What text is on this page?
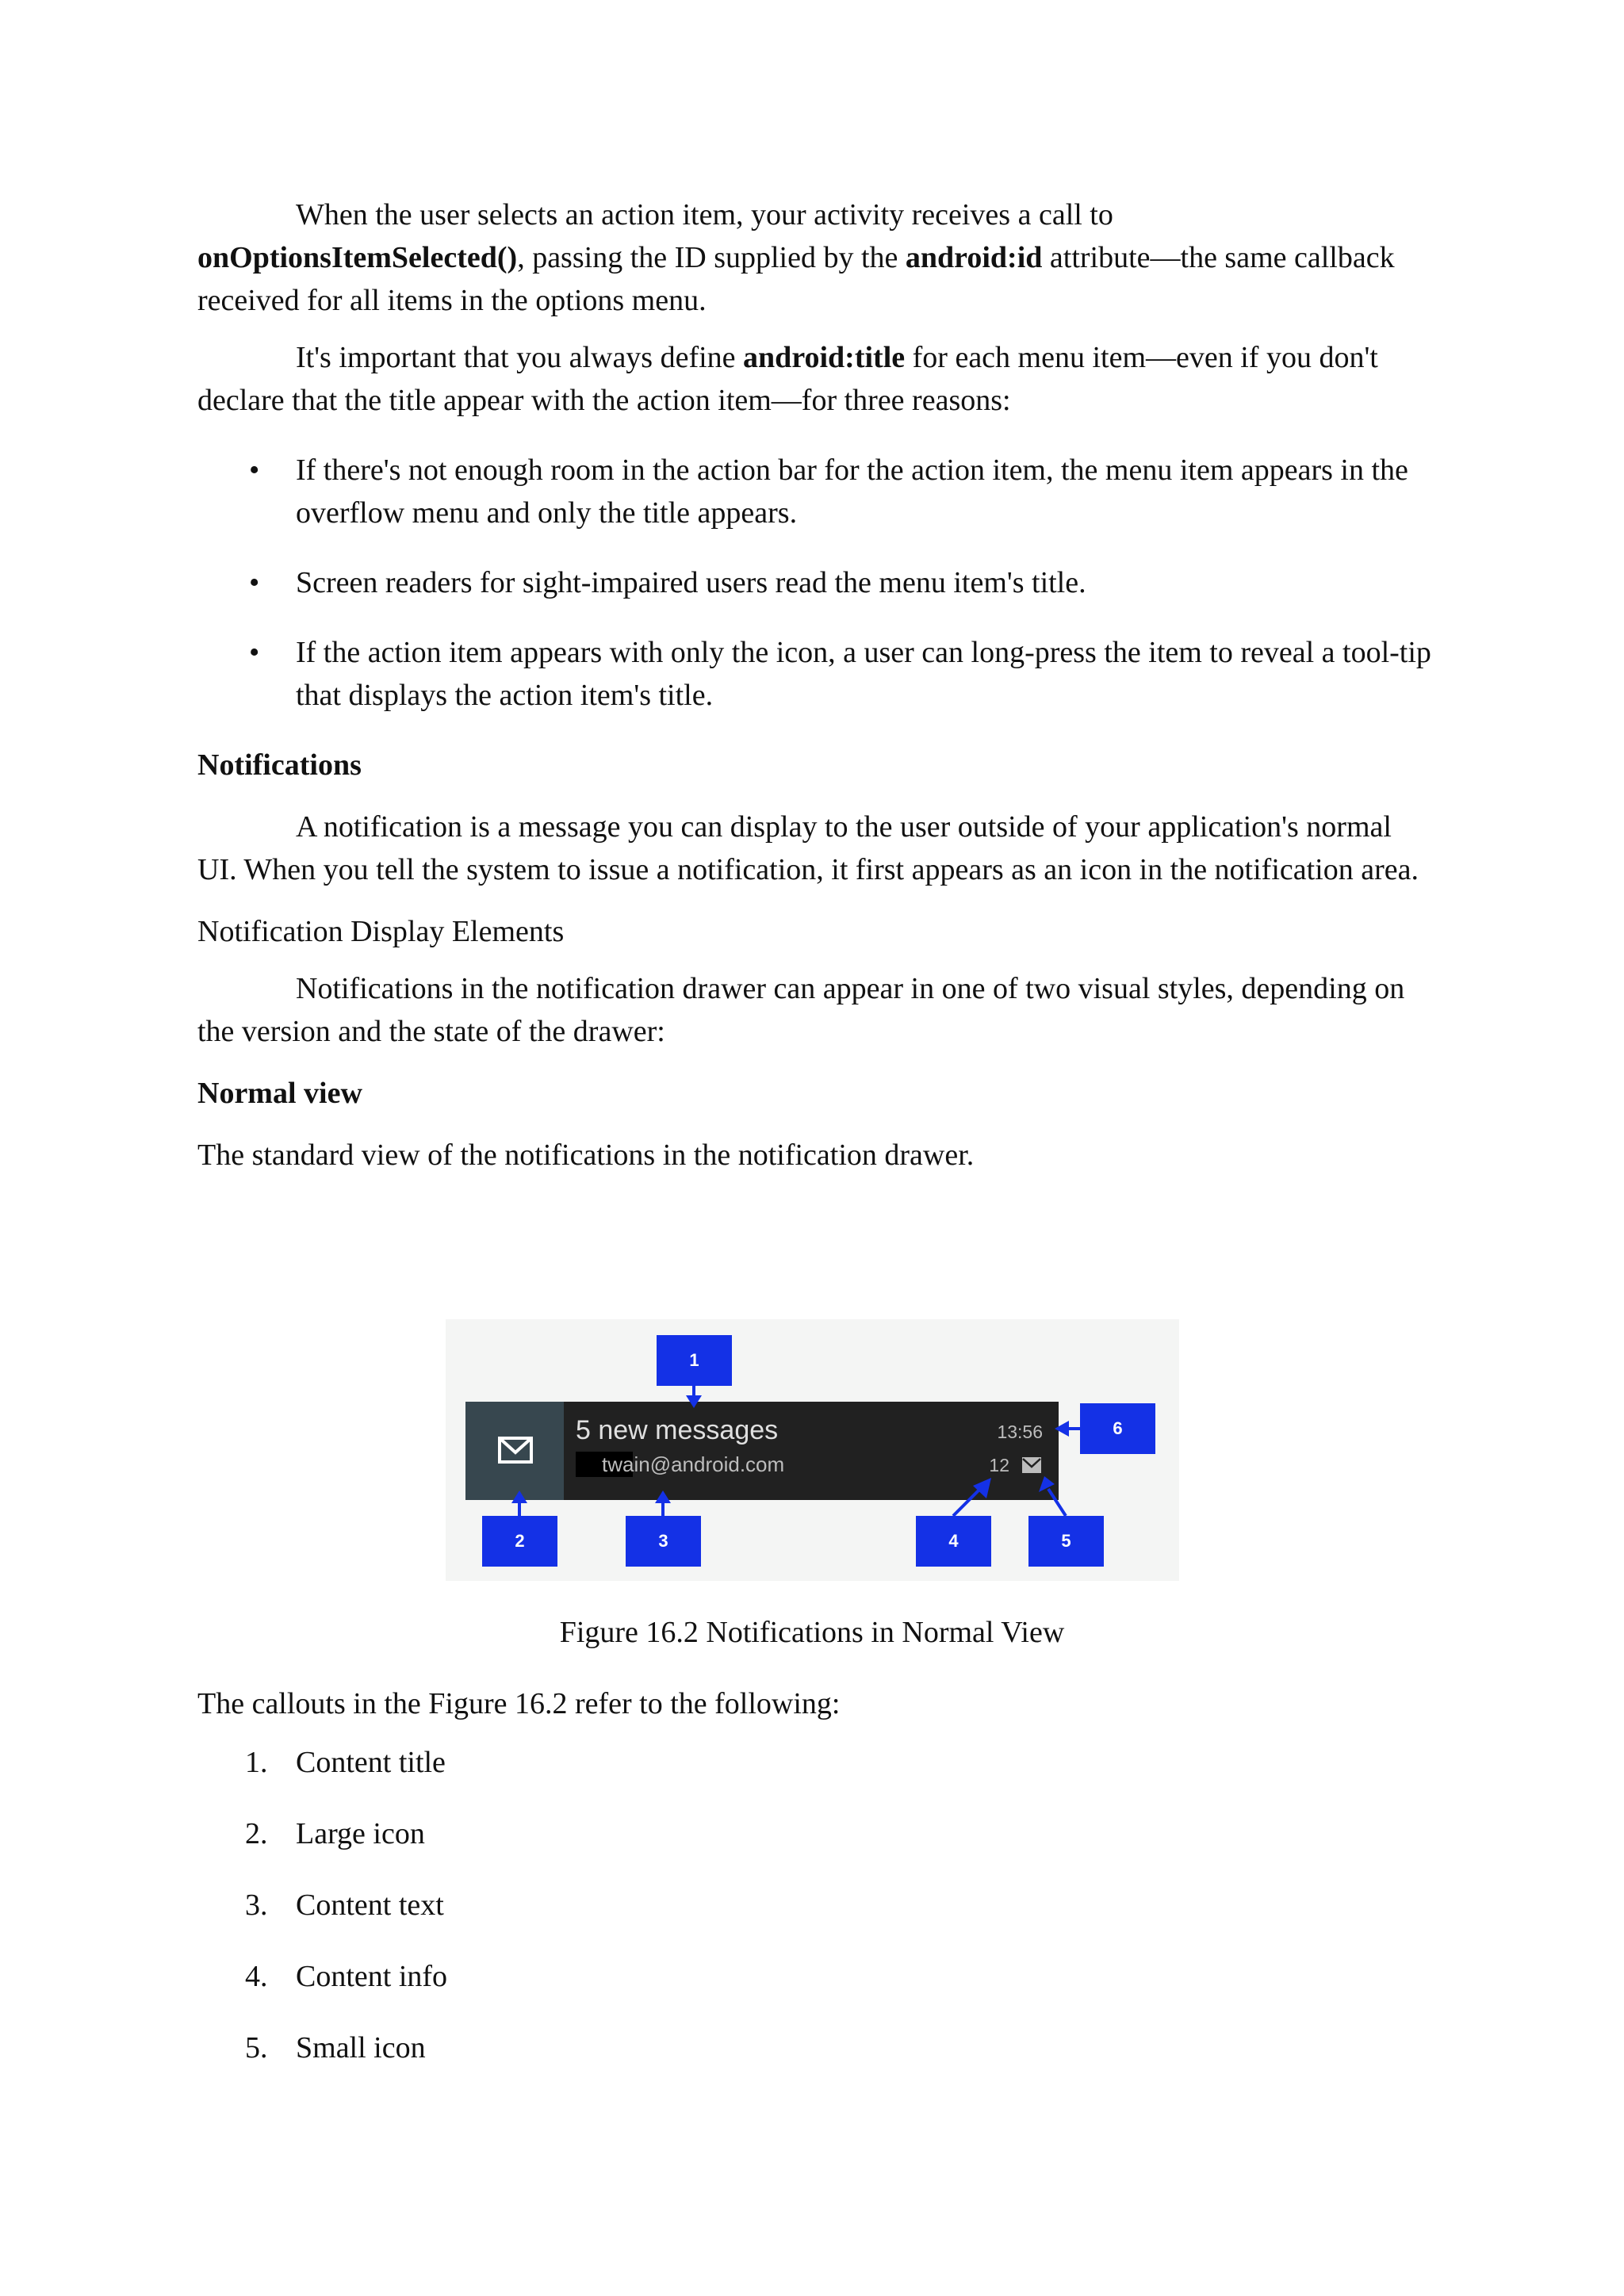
When the user selects an action item, your activity receives a call to onOptionsItemSelected(), passing the ID supplied by the android:id attribute—the same callback received for all items in the options menu.

It's important that you always define android:title for each menu item—even if you don't declare that the title appear with the action item—for three reasons:

• If there's not enough room in the action bar for the action item, the menu item appears in the overflow menu and only the title appears.
• Screen readers for sight-impaired users read the menu item's title.
• If the action item appears with only the icon, a user can long-press the item to reveal a tool-tip that displays the action item's title.

Notifications

A notification is a message you can display to the user outside of your application's normal UI. When you tell the system to issue a notification, it first appears as an icon in the notification area.

Notification Display Elements

Notifications in the notification drawer can appear in one of two visual styles, depending on the version and the state of the drawer:

Normal view

The standard view of the notifications in the notification drawer.

5 new messages
twain@android.com
13:56
12
1
2	3	4	5
6
Figure 16.2 Notifications in Normal View

The callouts in the Figure 16.2 refer to the following:

1. Content title
2. Large icon
3. Content text
4. Content info
5. Small icon
